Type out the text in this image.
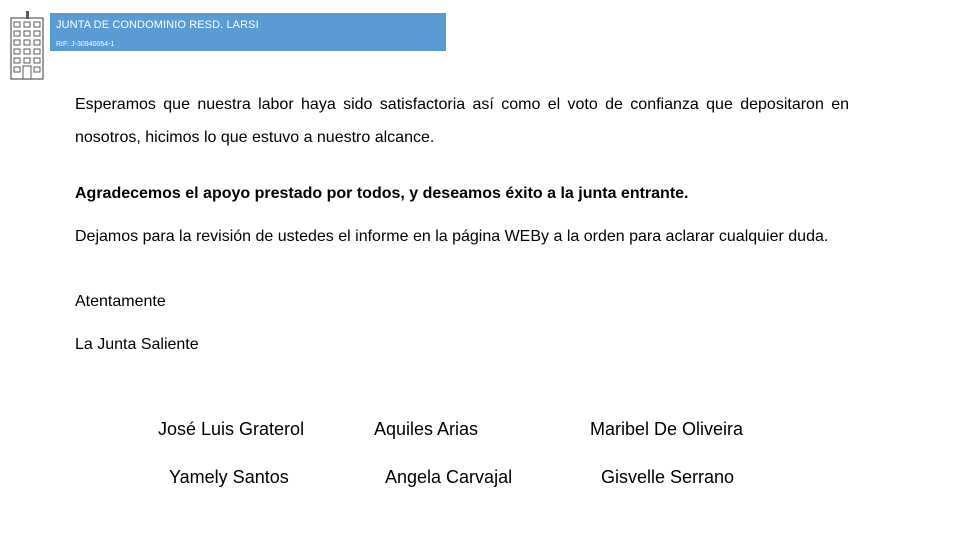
JUNTA DE CONDOMINIO RESD. LARSI
RIF: J-30940054-1
Esperamos que nuestra labor haya sido satisfactoria así como el voto de confianza que depositaron en nosotros, hicimos lo que estuvo a nuestro alcance.
Agradecemos el apoyo prestado por todos, y deseamos éxito a la junta entrante.
Dejamos para la revisión de ustedes el informe en la página WEBy a la orden para aclarar cualquier duda.
Atentamente
La Junta Saliente
José Luis Graterol	Aquiles Arias	Maribel De Oliveira
Yamely Santos	Angela Carvajal	Gisvelle Serrano
